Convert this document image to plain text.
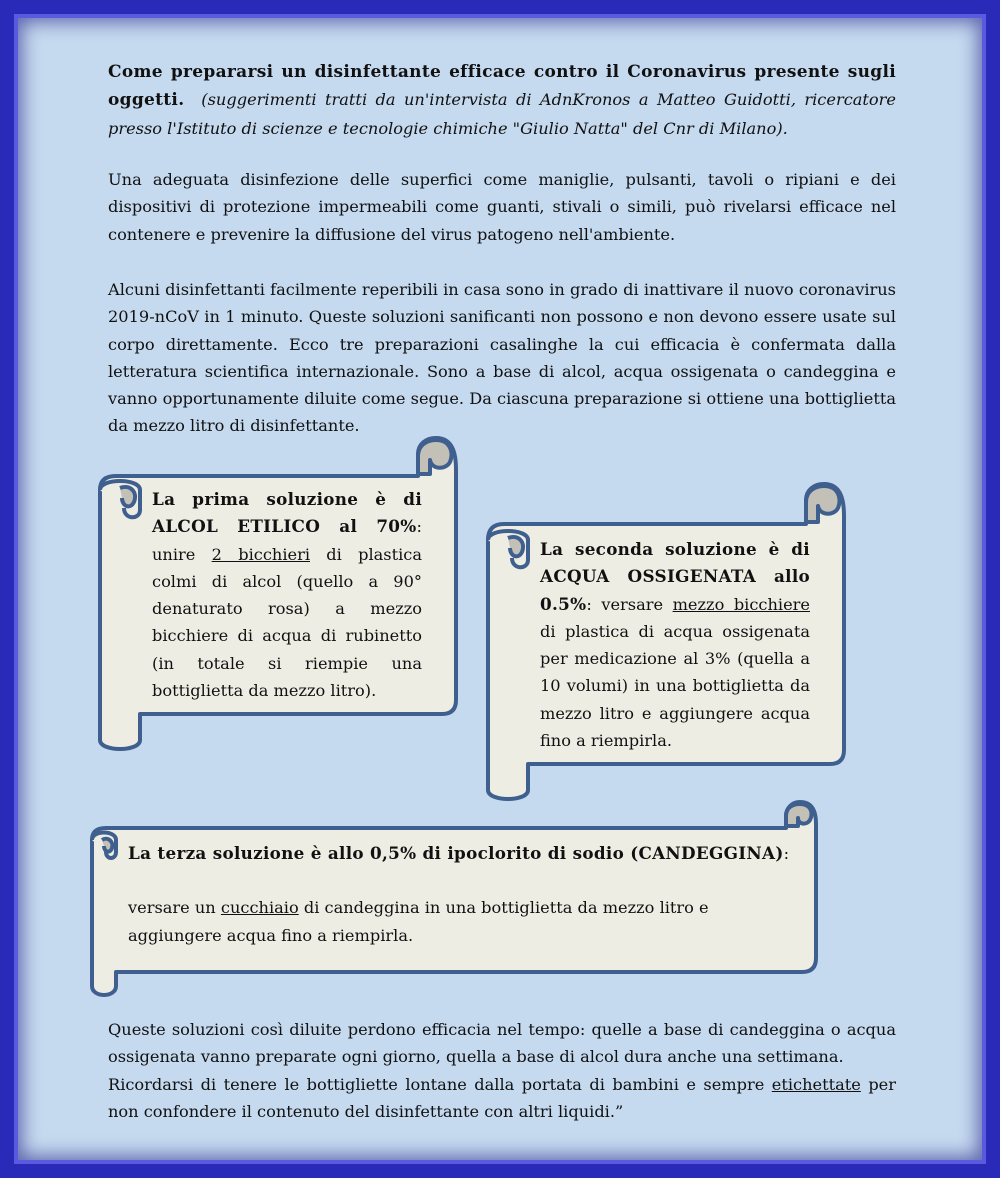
Come prepararsi un disinfettante efficace contro il Coronavirus presente sugli oggetti. (suggerimenti tratti da un'intervista di AdnKronos a Matteo Guidotti, ricercatore presso l'Istituto di scienze e tecnologie chimiche "Giulio Natta" del Cnr di Milano).

Una adeguata disinfezione delle superfici come maniglie, pulsanti, tavoli o ripiani e dei dispositivi di protezione impermeabili come guanti, stivali o simili, può rivelarsi efficace nel contenere e prevenire la diffusione del virus patogeno nell'ambiente.

Alcuni disinfettanti facilmente reperibili in casa sono in grado di inattivare il nuovo coronavirus 2019-nCoV in 1 minuto. Queste soluzioni sanificanti non possono e non devono essere usate sul corpo direttamente. Ecco tre preparazioni casalinghe la cui efficacia è confermata dalla letteratura scientifica internazionale. Sono a base di alcol, acqua ossigenata o candeggina e vanno opportunamente diluite come segue. Da ciascuna preparazione si ottiene una bottiglietta da mezzo litro di disinfettante.

La prima soluzione è di ALCOL ETILICO al 70%: unire 2 bicchieri di plastica colmi di alcol (quello a 90° denaturato rosa) a mezzo bicchiere di acqua di rubinetto (in totale si riempie una bottiglietta da mezzo litro).
La seconda soluzione è di ACQUA OSSIGENATA allo 0.5%: versare mezzo bicchiere di plastica di acqua ossigenata per medicazione al 3% (quella a 10 volumi) in una bottiglietta da mezzo litro e aggiungere acqua fino a riempirla.

La terza soluzione è allo 0,5% di ipoclorito di sodio (CANDEGGINA):

versare un cucchiaio di candeggina in una bottiglietta da mezzo litro e aggiungere acqua fino a riempirla.

Queste soluzioni così diluite perdono efficacia nel tempo: quelle a base di candeggina o acqua ossigenata vanno preparate ogni giorno, quella a base di alcol dura anche una settimana.

Ricordarsi di tenere le bottigliette lontane dalla portata di bambini e sempre etichettate per non confondere il contenuto del disinfettante con altri liquidi.”
